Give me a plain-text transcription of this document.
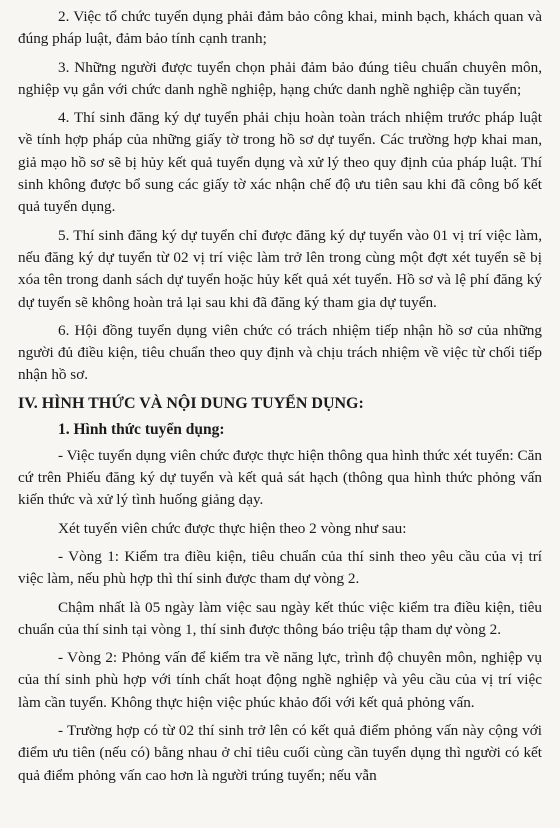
2. Việc tổ chức tuyển dụng phải đảm bảo công khai, minh bạch, khách quan và đúng pháp luật, đảm bảo tính cạnh tranh;

3. Những người được tuyển chọn phải đảm bảo đúng tiêu chuẩn chuyên môn, nghiệp vụ gắn với chức danh nghề nghiệp, hạng chức danh nghề nghiệp cần tuyển;

4. Thí sinh đăng ký dự tuyển phải chịu hoàn toàn trách nhiệm trước pháp luật về tính hợp pháp của những giấy tờ trong hồ sơ dự tuyển. Các trường hợp khai man, giả mạo hồ sơ sẽ bị hủy kết quả tuyển dụng và xử lý theo quy định của pháp luật. Thí sinh không được bổ sung các giấy tờ xác nhận chế độ ưu tiên sau khi đã công bố kết quả tuyển dụng.

5. Thí sinh đăng ký dự tuyển chỉ được đăng ký dự tuyển vào 01 vị trí việc làm, nếu đăng ký dự tuyển từ 02 vị trí việc làm trở lên trong cùng một đợt xét tuyển sẽ bị xóa tên trong danh sách dự tuyển hoặc hủy kết quả xét tuyển. Hồ sơ và lệ phí đăng ký dự tuyển sẽ không hoàn trả lại sau khi đã đăng ký tham gia dự tuyển.

6. Hội đồng tuyển dụng viên chức có trách nhiệm tiếp nhận hồ sơ của những người đủ điều kiện, tiêu chuẩn theo quy định và chịu trách nhiệm về việc từ chối tiếp nhận hồ sơ.

IV. HÌNH THỨC VÀ NỘI DUNG TUYỂN DỤNG:
1. Hình thức tuyển dụng:

- Việc tuyển dụng viên chức được thực hiện thông qua hình thức xét tuyển: Căn cứ trên Phiếu đăng ký dự tuyển và kết quả sát hạch (thông qua hình thức phỏng vấn kiến thức và xử lý tình huống giảng dạy.

Xét tuyển viên chức được thực hiện theo 2 vòng như sau:

- Vòng 1: Kiểm tra điều kiện, tiêu chuẩn của thí sinh theo yêu cầu của vị trí việc làm, nếu phù hợp thì thí sinh được tham dự vòng 2.

Chậm nhất là 05 ngày làm việc sau ngày kết thúc việc kiểm tra điều kiện, tiêu chuẩn của thí sinh tại vòng 1, thí sinh được thông báo triệu tập tham dự vòng 2.

- Vòng 2: Phỏng vấn để kiểm tra về năng lực, trình độ chuyên môn, nghiệp vụ của thí sinh phù hợp với tính chất hoạt động nghề nghiệp và yêu cầu của vị trí việc làm cần tuyển. Không thực hiện việc phúc khảo đối với kết quả phỏng vấn.

- Trường hợp có từ 02 thí sinh trở lên có kết quả điểm phỏng vấn này cộng với điểm ưu tiên (nếu có) bằng nhau ở chỉ tiêu cuối cùng cần tuyển dụng thì người có kết quả điểm phỏng vấn cao hơn là người trúng tuyển; nếu vẫn
